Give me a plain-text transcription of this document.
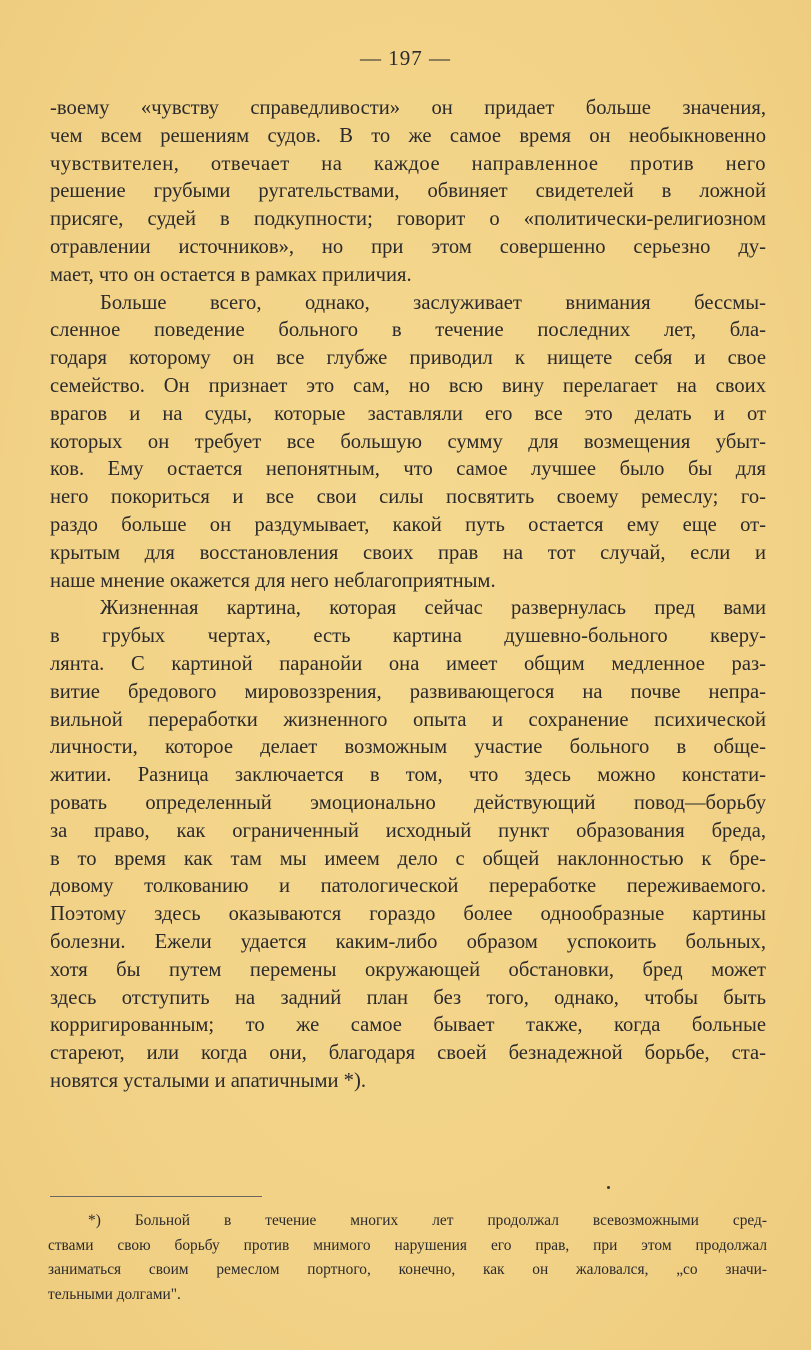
— 197 —
-воему «чувству справедливости» он придает больше значения,
чем всем решениям судов. В то же самое время он необыкновенно
чувствителен, отвечает на каждое направленное против него
решение грубыми ругательствами, обвиняет свидетелей в ложной
присяге, судей в подкупности; говорит о «политически-религиозном
отравлении источников», но при этом совершенно серьезно ду-
мает, что он остается в рамках приличия.
Больше всего, однако, заслуживает внимания бессмы-
сленное поведение больного в течение последних лет, бла-
годаря которому он все глубже приводил к нищете себя и свое
семейство. Он признает это сам, но всю вину перелагает на своих
врагов и на суды, которые заставляли его все это делать и от
которых он требует все большую сумму для возмещения убыт-
ков. Ему остается непонятным, что самое лучшее было бы для
него покориться и все свои силы посвятить своему ремеслу; го-
раздо больше он раздумывает, какой путь остается ему еще от-
крытым для восстановления своих прав на тот случай, если и
наше мнение окажется для него неблагоприятным.
Жизненная картина, которая сейчас развернулась пред вами
в грубых чертах, есть картина душевно-больного кверу-
лянта. С картиной паранойи она имеет общим медленное раз-
витие бредового мировоззрения, развивающегося на почве непра-
вильной переработки жизненного опыта и сохранение психической
личности, которое делает возможным участие больного в обще-
житии. Разница заключается в том, что здесь можно констати-
ровать определенный эмоционально действующий повод—борьбу
за право, как ограниченный исходный пункт образования бреда,
в то время как там мы имеем дело с общей наклонностью к бре-
довому толкованию и патологической переработке переживаемого.
Поэтому здесь оказываются гораздо более однообразные картины
болезни. Ежели удается каким-либо образом успокоить больных,
хотя бы путем перемены окружающей обстановки, бред может
здесь отступить на задний план без того, однако, чтобы быть
корригированным; то же самое бывает также, когда больные
стареют, или когда они, благодаря своей безнадежной борьбе, ста-
новятся усталыми и апатичными *).
*) Больной в течение многих лет продолжал всевозможными сред-
ствами свою борьбу против мнимого нарушения его прав, при этом продолжал
заниматься своим ремеслом портного, конечно, как он жаловался, „со значи-
тельными долгами".
